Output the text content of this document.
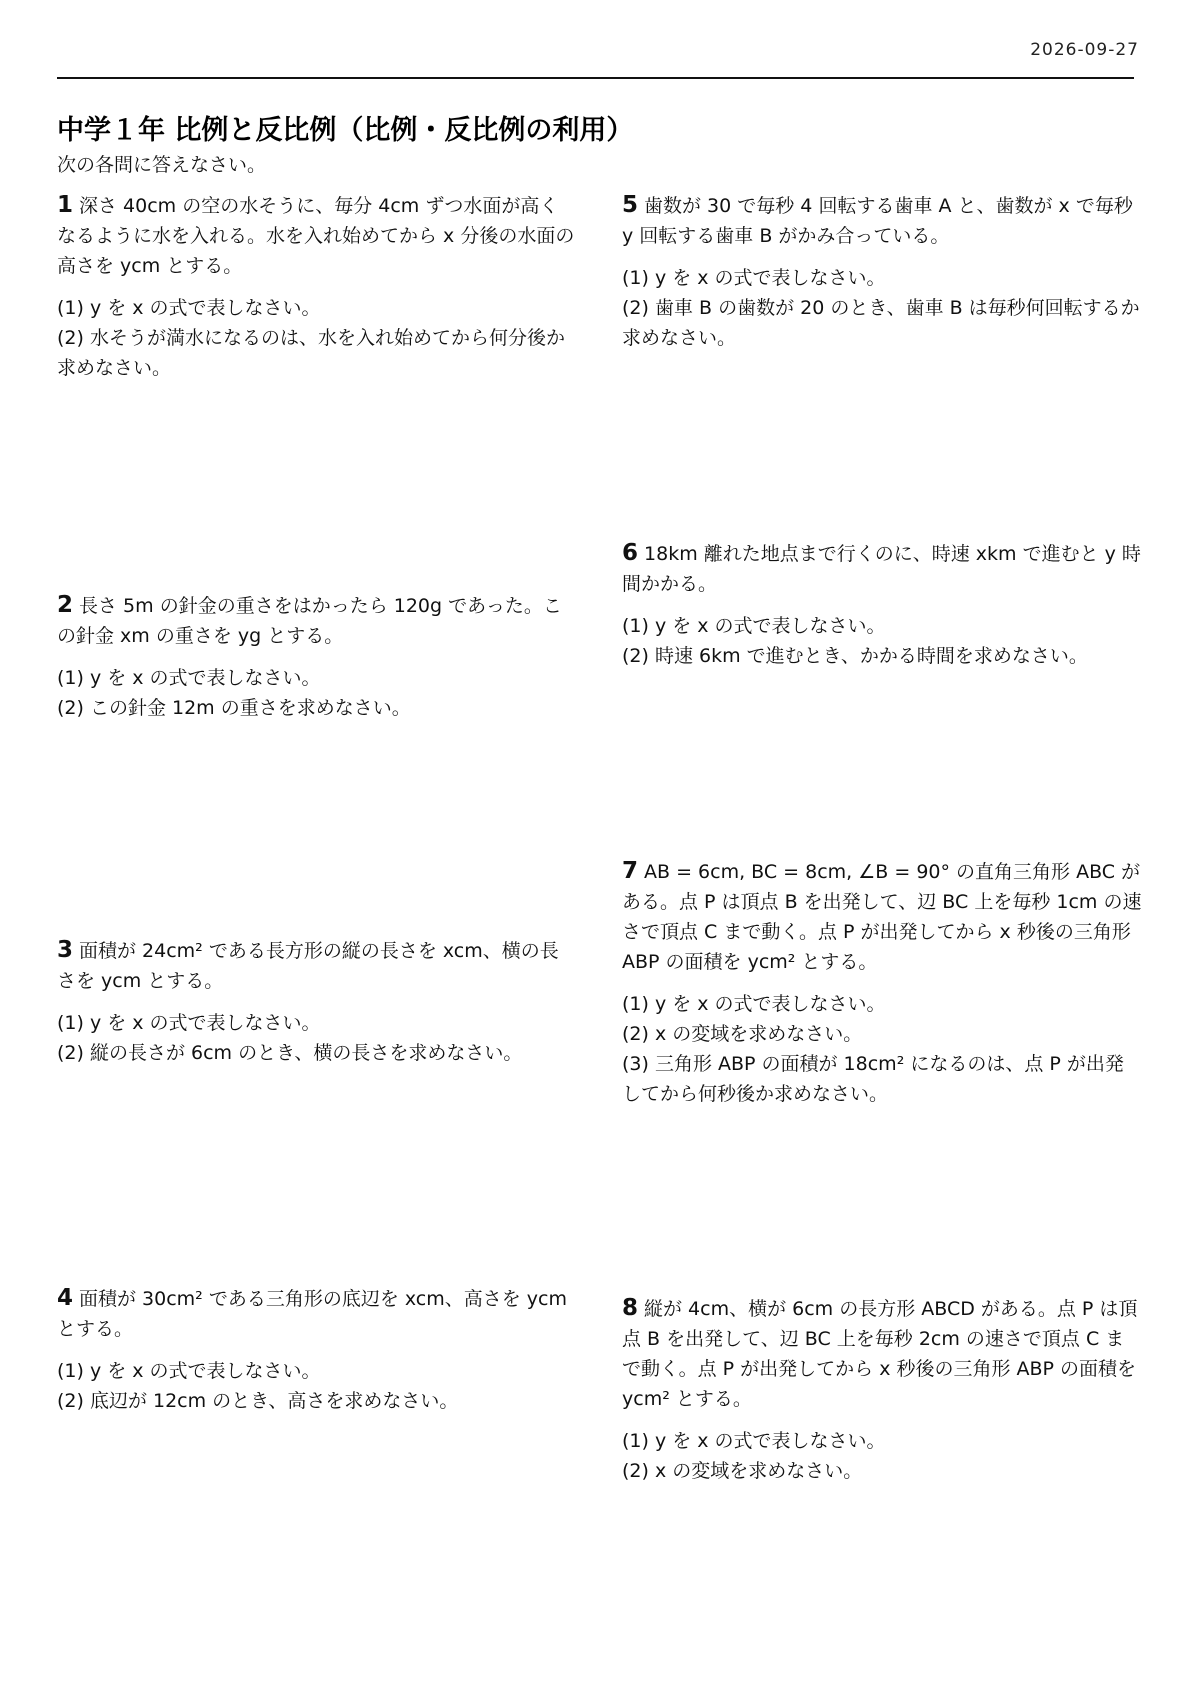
2026-09-27
中学１年 比例と反比例（比例・反比例の利用）
次の各問に答えなさい。

1 深さ 40cm の空の水そうに、毎分 4cm ずつ水面が高くなるように水を入れる。水を入れ始めてから x 分後の水面の高さを ycm とする。

(1) y を x の式で表しなさい。

(2) 水そうが満水になるのは、水を入れ始めてから何分後か求めなさい。

2 長さ 5m の針金の重さをはかったら 120g であった。この針金 xm の重さを yg とする。

(1) y を x の式で表しなさい。

(2) この針金 12m の重さを求めなさい。

3 面積が 24cm² である長方形の縦の長さを xcm、横の長さを ycm とする。

(1) y を x の式で表しなさい。

(2) 縦の長さが 6cm のとき、横の長さを求めなさい。

4 面積が 30cm² である三角形の底辺を xcm、高さを ycm とする。

(1) y を x の式で表しなさい。

(2) 底辺が 12cm のとき、高さを求めなさい。

5 歯数が 30 で毎秒 4 回転する歯車 A と、歯数が x で毎秒 y 回転する歯車 B がかみ合っている。

(1) y を x の式で表しなさい。

(2) 歯車 B の歯数が 20 のとき、歯車 B は毎秒何回転するか求めなさい。

6 18km 離れた地点まで行くのに、時速 xkm で進むと y 時間かかる。

(1) y を x の式で表しなさい。

(2) 時速 6km で進むとき、かかる時間を求めなさい。

7 AB = 6cm, BC = 8cm, ∠B = 90° の直角三角形 ABC がある。点 P は頂点 B を出発して、辺 BC 上を毎秒 1cm の速さで頂点 C まで動く。点 P が出発してから x 秒後の三角形 ABP の面積を ycm² とする。

(1) y を x の式で表しなさい。

(2) x の変域を求めなさい。

(3) 三角形 ABP の面積が 18cm² になるのは、点 P が出発してから何秒後か求めなさい。

8 縦が 4cm、横が 6cm の長方形 ABCD がある。点 P は頂点 B を出発して、辺 BC 上を毎秒 2cm の速さで頂点 C まで動く。点 P が出発してから x 秒後の三角形 ABP の面積を ycm² とする。

(1) y を x の式で表しなさい。

(2) x の変域を求めなさい。
